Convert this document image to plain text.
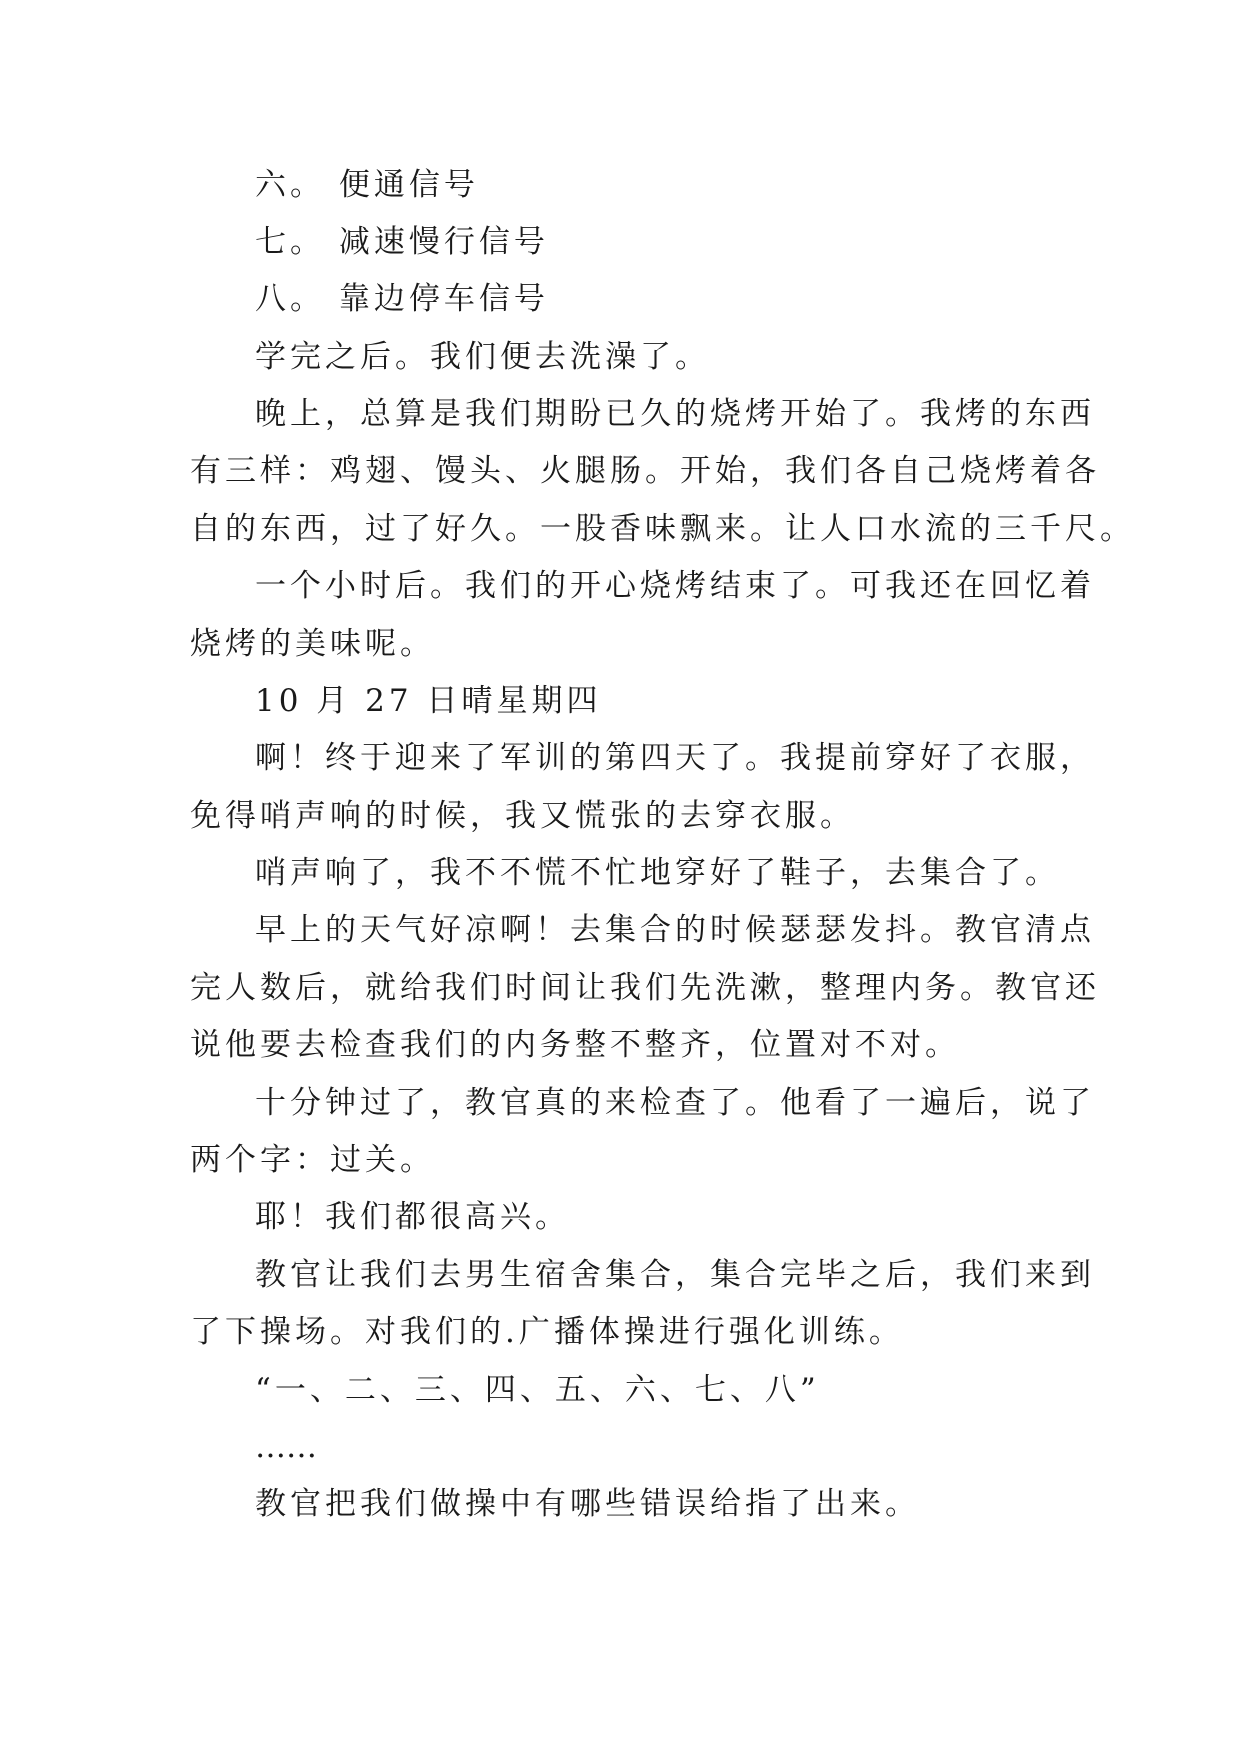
六。 便通信号
七。 减速慢行信号
八。 靠边停车信号
学完之后。我们便去洗澡了。
晚上，总算是我们期盼已久的烧烤开始了。我烤的东西
有三样：鸡翅、馒头、火腿肠。开始，我们各自己烧烤着各
自的东西，过了好久。一股香味飘来。让人口水流的三千尺。
一个小时后。我们的开心烧烤结束了。可我还在回忆着
烧烤的美味呢。
10 月 27 日晴星期四
啊！终于迎来了军训的第四天了。我提前穿好了衣服，
免得哨声响的时候，我又慌张的去穿衣服。
哨声响了，我不不慌不忙地穿好了鞋子，去集合了。
早上的天气好凉啊！去集合的时候瑟瑟发抖。教官清点
完人数后，就给我们时间让我们先洗漱，整理内务。教官还
说他要去检查我们的内务整不整齐，位置对不对。
十分钟过了，教官真的来检查了。他看了一遍后，说了
两个字：过关。
耶！我们都很高兴。
教官让我们去男生宿舍集合，集合完毕之后，我们来到
了下操场。对我们的.广播体操进行强化训练。
“一、二、三、四、五、六、七、八”
……
教官把我们做操中有哪些错误给指了出来。
